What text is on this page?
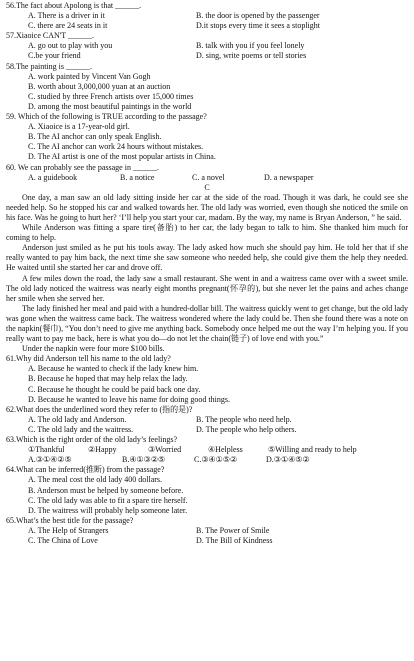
56.The fact about Apolong is that ______.

A. There is a driver in it	B. the door is opened by the passenger
C. there are 24 seats in it	D.it stops every time it sees a stoplight

57.Xiaoice CAN'T ______.

A. go out to play with you	B. talk with you if you feel lonely
C.be your friend	D. sing, write poems or tell stories

58.The painting is ______.

A. work painted by Vincent Van Gogh

B. worth about 3,000,000 yuan at an auction

C. studied by three French artists over 15,000 times

D. among the most beautiful paintings in the world

59. Which of the following is TRUE according to the passage?

A. Xiaoice is a 17-year-old girl.

B. The AI anchor can only speak English.

C. The AI anchor can work 24 hours without mistakes.

D. The AI artist is one of the most popular artists in China.

60. We can probably see the passage in ______.

A. a guidebook	B. a notice	C. a novel	D. a newspaper

C

One day, a man saw an old lady sitting inside her car at the side of the road. Though it was dark, he could see she needed help. So he stopped his car and walked towards her. The old lady was worried, even though she noticed the smile on his face. Was he going to hurt her? ‘I’ll help you start your car, madam. By the way, my name is Bryan Anderson, ” he said.

While Anderson was fitting a spare tire(备胎) to her car, the lady began to talk to him. She thanked him much for coming to help.

Anderson just smiled as he put his tools away. The lady asked how much she should pay him. He told her that if she really wanted to pay him back, the next time she saw someone who needed help, she could give them the help they needed. He waited until she started her car and drove off.

A few miles down the road, the lady saw a small restaurant. She went in and a waitress came over with a sweet smile. The old lady noticed the waitress was nearly eight months pregnant(怀孕的), but she never let the pains and aches change her smile when she served her.

The lady finished her meal and paid with a hundred-dollar bill. The waitress quickly went to get change, but the old lady was gone when the waitress came back. The waitress wondered where the lady could be. Then she found there was a note on the napkin(餐巾), “You don’t need to give me anything back. Somebody once helped me out the way I’m helping you. If you really want to pay me back, here is what you do—do not let the chain(链子) of love end with you.”

Under the napkin were four more $100 bills.

61.Why did Anderson tell his name to the old lady?

A. Because he wanted to check if the lady knew him.

B. Because he hoped that may help relax the lady.

C. Because he thought he could be paid back one day.

D. Because he wanted to leave his name for doing good things.

62.What does the underlined word they refer to (指的是)?

A. The old lady and Anderson.	B. The people who need help.
C. The old lady and the waitress.	D. The people who help others.

63.Which is the right order of the old lady’s feelings?

①Thankful	②Happy	③Worried	④Helpless	⑤Willing and ready to help
A.③①④②⑤	B.④①③②⑤	C.③④①⑤②	D.③①④⑤②

64.What can be inferred(推断) from the passage?

A. The meal cost the old lady 400 dollars.

B. Anderson must be helped by someone before.

C. The old lady was able to fit a spare tire herself.

D. The waitress will probably help someone later.

65.What’s the best title for the passage?

A. The Help of Strangers	B. The Power of Smile
C. The China of Love	D. The Bill of Kindness
